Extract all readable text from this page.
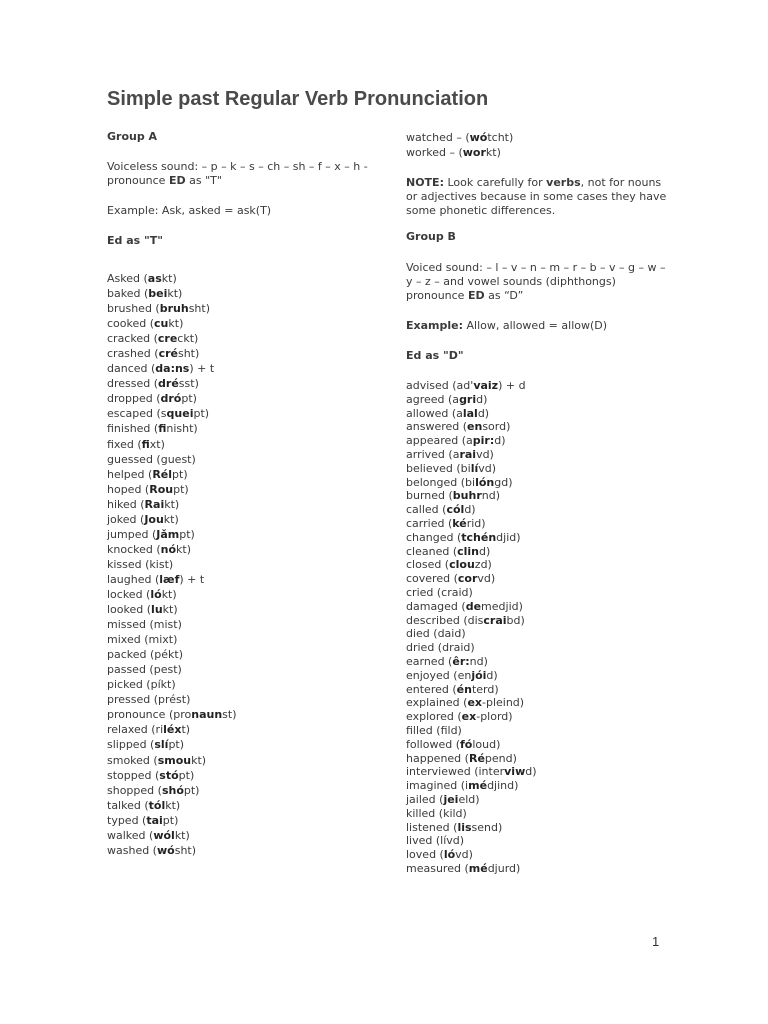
Simple past Regular Verb Pronunciation

Group A

Voiceless sound: – p – k – s – ch – sh – f – x – h - pronounce ED as "T"

Example: Ask, asked = ask(T)

Ed as "T"

Asked (askt)
baked (beikt)
brushed (bruhsht)
cooked (cukt)
cracked (creckt)
crashed (crésht)
danced (da:ns) + t
dressed (drésst)
dropped (drópt)
escaped (squeipt)
finished (finisht)
fixed (fixt)
guessed (guest)
helped (Rélpt)
hoped (Roupt)
hiked (Raikt)
joked (Joukt)
jumped (Jǎmpt)
knocked (nókt)
kissed (kist)
laughed (læf) + t
locked (lókt)
looked (lukt)
missed (mist)
mixed (mixt)
packed (pékt)
passed (pest)
picked (píkt)
pressed (prést)
pronounce (pronaunst)
relaxed (riléxt)
slipped (slípt)
smoked (smoukt)
stopped (stópt)
shopped (shópt)
talked (tólkt)
typed (taipt)
walked (wólkt)
washed (wósht)
watched – (wótcht)
worked – (workt)

NOTE: Look carefully for verbs, not for nouns or adjectives because in some cases they have some phonetic differences.

Group B

Voiced sound: – l – v – n – m – r – b – v – g – w – y – z – and vowel sounds (diphthongs) pronounce ED as “D”

Example: Allow, allowed = allow(D)

Ed as "D"

advised (ad'vaiz) + d
agreed (agrid)
allowed (alald)
answered (ensord)
appeared (apir:d)
arrived (araivd)
believed (bilívd)
belonged (bilóngd)
burned (buhrnd)
called (cóld)
carried (kérid)
changed (tchéndjid)
cleaned (clind)
closed (clouzd)
covered (corvd)
cried (craid)
damaged (demedjid)
described (discraibd)
died (daid)
dried (draid)
earned (êr:nd)
enjoyed (enjóid)
entered (énterd)
explained (ex-pleind)
explored (ex-plord)
filled (fild)
followed (fóloud)
happened (Répend)
interviewed (interviwd)
imagined (imédjind)
jailed (jeield)
killed (kild)
listened (lissend)
lived (lívd)
loved (lóvd)
measured (médjurd)
1
